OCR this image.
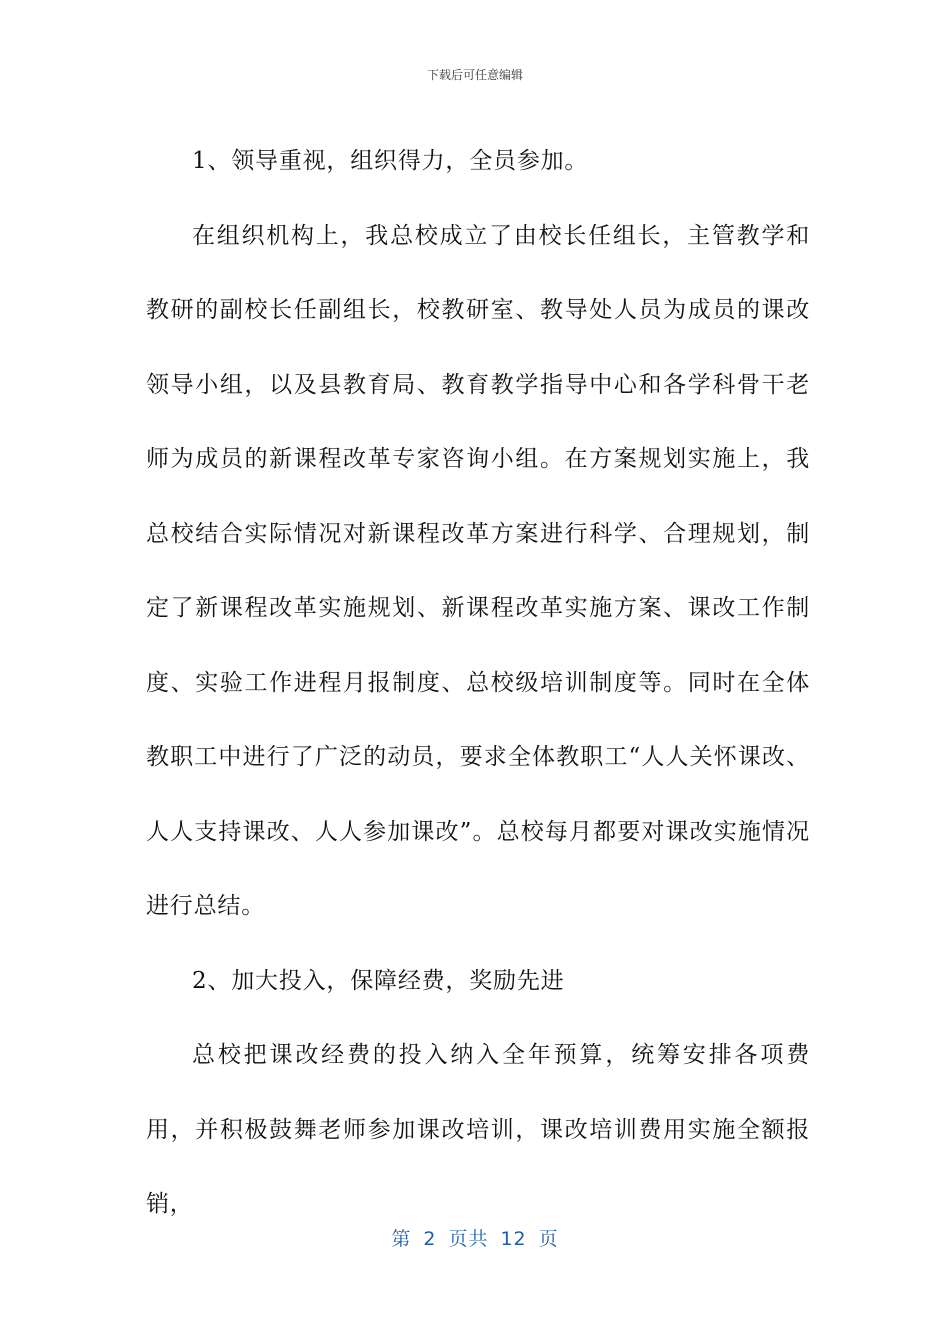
下载后可任意编辑

1、领导重视，组织得力，全员参加。

在组织机构上，我总校成立了由校长任组长，主管教学和教研的副校长任副组长，校教研室、教导处人员为成员的课改领导小组，以及县教育局、教育教学指导中心和各学科骨干老师为成员的新课程改革专家咨询小组。在方案规划实施上，我总校结合实际情况对新课程改革方案进行科学、合理规划，制定了新课程改革实施规划、新课程改革实施方案、课改工作制度、实验工作进程月报制度、总校级培训制度等。同时在全体教职工中进行了广泛的动员，要求全体教职工“人人关怀课改、人人支持课改、人人参加课改”。总校每月都要对课改实施情况进行总结。

2、加大投入，保障经费，奖励先进

总校把课改经费的投入纳入全年预算，统筹安排各项费用，并积极鼓舞老师参加课改培训，课改培训费用实施全额报销，

第 2 页共 12 页
